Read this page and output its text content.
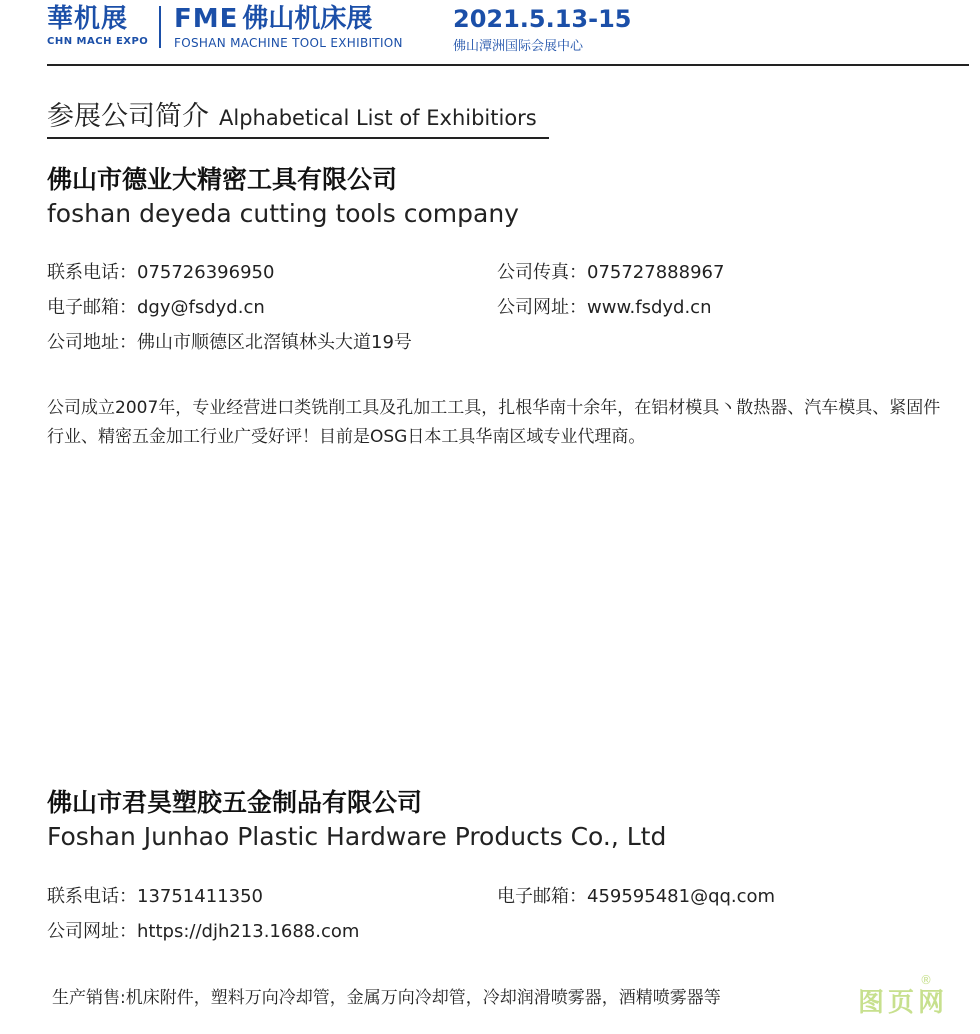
華机展
CHN MACH EXPO
FME 佛山机床展
FOSHAN MACHINE TOOL EXHIBITION
2021.5.13-15
佛山潭洲国际会展中心
参展公司简介 Alphabetical List of Exhibitiors
佛山市德业大精密工具有限公司
foshan deyeda cutting tools company
联系电话：075726396950	公司传真：075727888967
电子邮箱：dgy@fsdyd.cn	公司网址：www.fsdyd.cn
公司地址：佛山市顺德区北滘镇林头大道19号
公司成立2007年，专业经营进口类铣削工具及孔加工工具，扎根华南十余年，在铝材模具丶散热器、汽车模具、紧固件行业、精密五金加工行业广受好评！目前是OSG日本工具华南区域专业代理商。
佛山市君昊塑胶五金制品有限公司
Foshan Junhao Plastic Hardware Products Co., Ltd
联系电话：13751411350	电子邮箱：459595481@qq.com
公司网址：https://djh213.1688.com
生产销售:机床附件，塑料万向冷却管，金属万向冷却管，冷却润滑喷雾器，酒精喷雾器等	图页网
®
